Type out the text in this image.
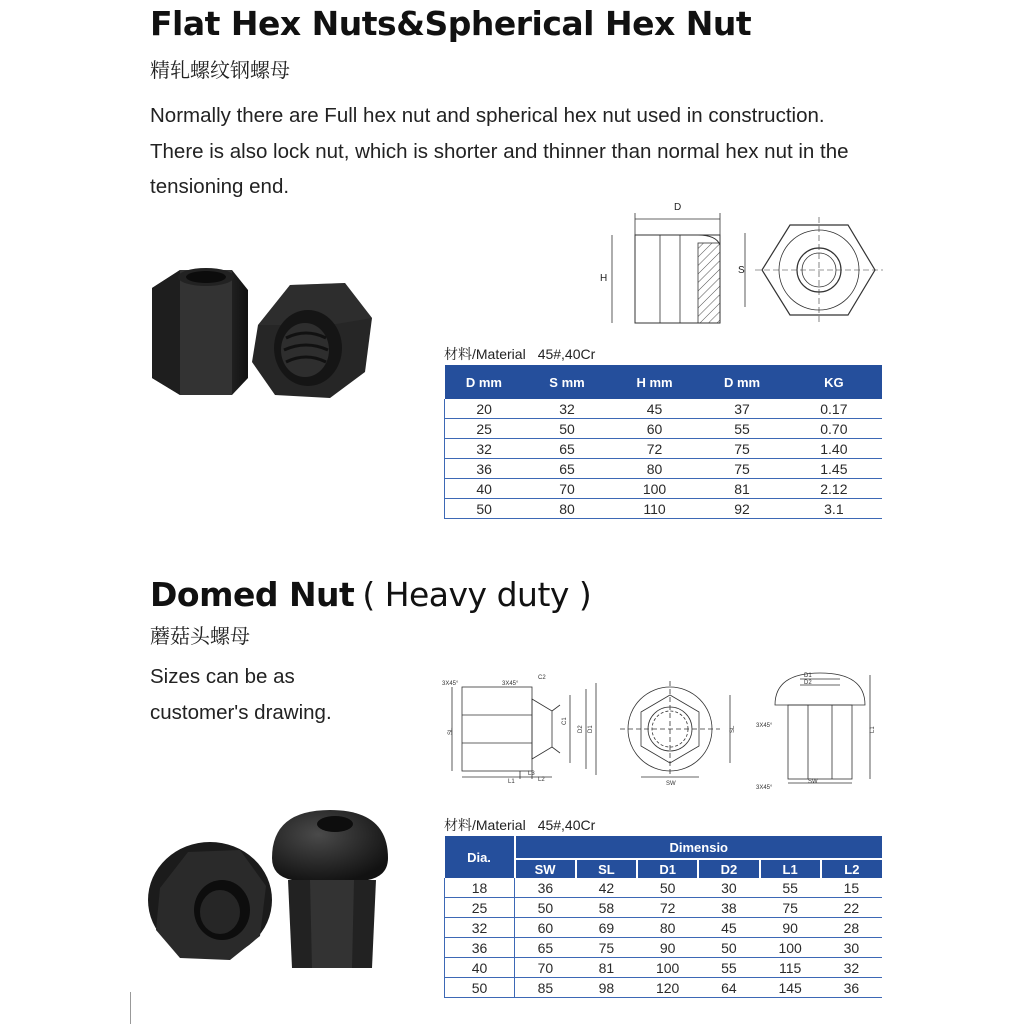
Flat Hex Nuts&Spherical Hex Nut
精轧螺纹钢螺母
Normally there are Full hex nut and spherical hex nut used in construction.
There is also lock nut, which is shorter and thinner than normal hex nut in the
tensioning end.
D
H
S
材料/Material 45#,40Cr
D mm	S mm	H mm	D mm	KG
20	32	45	37	0.17
25	50	60	55	0.70
32	65	72	75	1.40
36	65	80	75	1.45
40	70	100	81	2.12
50	80	110	92	3.1
Domed Nut ( Heavy duty )
蘑菇头螺母
Sizes can be as
customer's drawing.
3X45°	3X45°
C2
C1
D2 D1
SL
L1	L2
L3
SL
SW
D1
D2
3X45°
3X45°
L1
SW
材料/Material 45#,40Cr
Dia.	Dimensio					
	SW	SL	D1	D2	L1	L2
18	36	42	50	30	55	15
25	50	58	72	38	75	22
32	60	69	80	45	90	28
36	65	75	90	50	100	30
40	70	81	100	55	115	32
50	85	98	120	64	145	36
